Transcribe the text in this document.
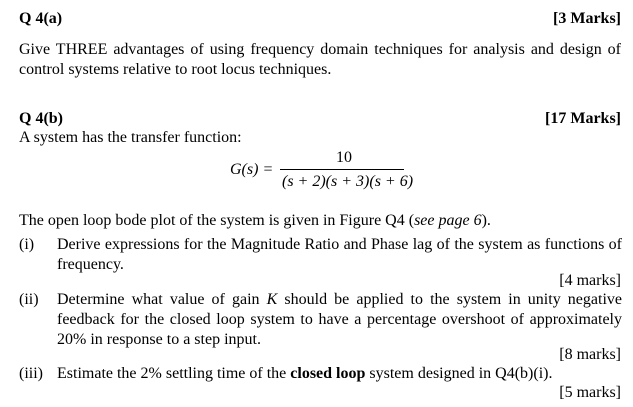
Q 4(a)	[3 Marks]
Give THREE advantages of using frequency domain techniques for analysis and design of control systems relative to root locus techniques.
Q 4(b)	[17 Marks]
A system has the transfer function:
G(s) =
10
(s + 2)(s + 3)(s + 6)
The open loop bode plot of the system is given in Figure Q4 (see page 6).
(i) Derive expressions for the Magnitude Ratio and Phase lag of the system as functions of frequency.
[4 marks]
(ii) Determine what value of gain K should be applied to the system in unity negative feedback for the closed loop system to have a percentage overshoot of approximately 20% in response to a step input.
[8 marks]
(iii) Estimate the 2% settling time of the closed loop system designed in Q4(b)(i).
[5 marks]
